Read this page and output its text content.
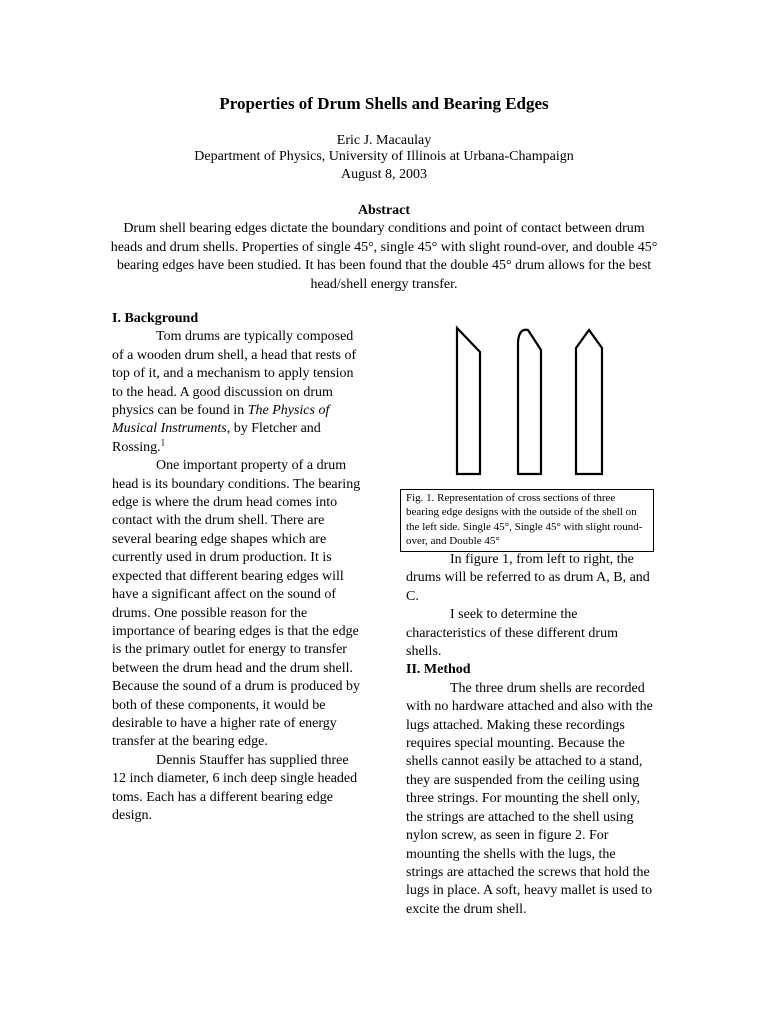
Properties of Drum Shells and Bearing Edges
Eric J. Macaulay
Department of Physics, University of Illinois at Urbana-Champaign
August 8, 2003
Abstract
Drum shell bearing edges dictate the boundary conditions and point of contact between drum heads and drum shells. Properties of single 45°, single 45° with slight round-over, and double 45° bearing edges have been studied. It has been found that the double 45° drum allows for the best head/shell energy transfer.
I. Background

Tom drums are typically composed of a wooden drum shell, a head that rests of top of it, and a mechanism to apply tension to the head. A good discussion on drum physics can be found in The Physics of Musical Instruments, by Fletcher and Rossing.$^1$

One important property of a drum head is its boundary conditions. The bearing edge is where the drum head comes into contact with the drum shell. There are several bearing edge shapes which are currently used in drum production. It is expected that different bearing edges will have a significant affect on the sound of drums. One possible reason for the importance of bearing edges is that the edge is the primary outlet for energy to transfer between the drum head and the drum shell. Because the sound of a drum is produced by both of these components, it would be desirable to have a higher rate of energy transfer at the bearing edge.

Dennis Stauffer has supplied three 12 inch diameter, 6 inch deep single headed toms. Each has a different bearing edge design.

Fig. 1. Representation of cross sections of three bearing edge designs with the outside of the shell on the left side. Single 45°, Single 45° with slight round-over, and Double 45°

In figure 1, from left to right, the drums will be referred to as drum A, B, and C.

I seek to determine the characteristics of these different drum shells.

II. Method

The three drum shells are recorded with no hardware attached and also with the lugs attached. Making these recordings requires special mounting. Because the shells cannot easily be attached to a stand, they are suspended from the ceiling using three strings. For mounting the shell only, the strings are attached to the shell using nylon screw, as seen in figure 2. For mounting the shells with the lugs, the strings are attached the screws that hold the lugs in place. A soft, heavy mallet is used to excite the drum shell.
